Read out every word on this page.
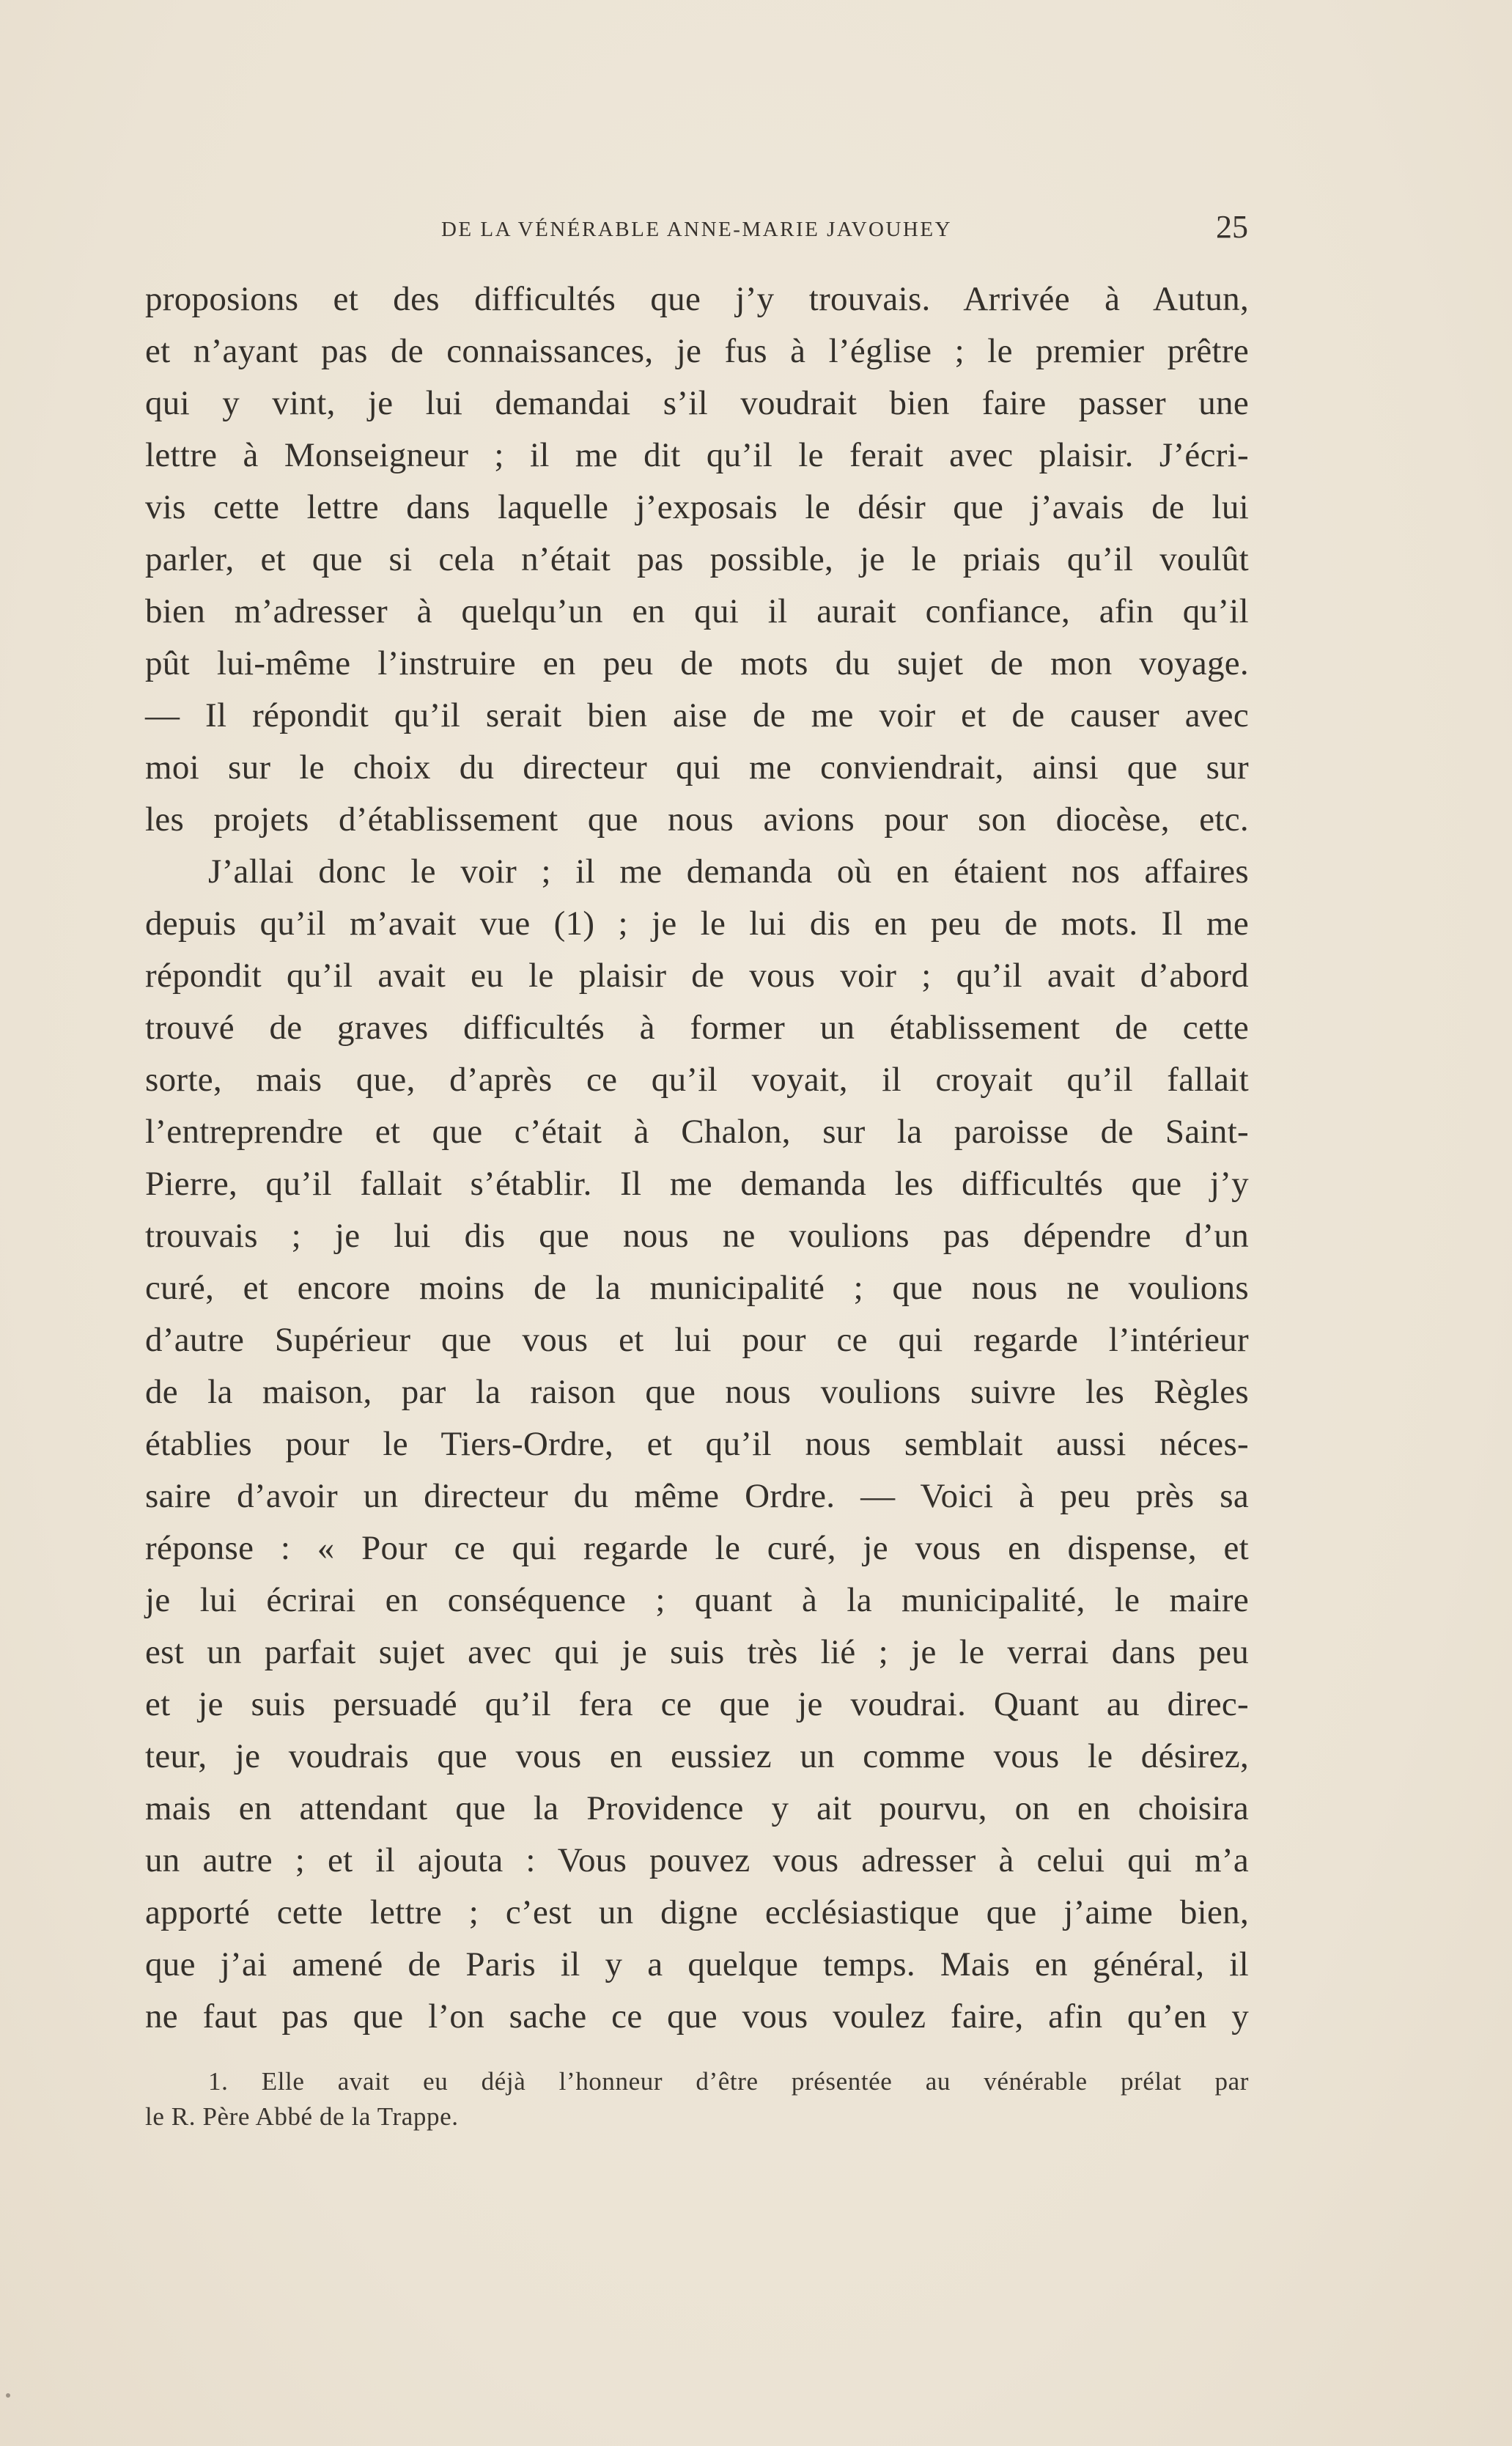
DE LA VÉNÉRABLE ANNE-MARIE JAVOUHEY	25
proposions et des difficultés que j’y trouvais. Arrivée à Autun,
et n’ayant pas de connaissances, je fus à l’église ; le premier prêtre
qui y vint, je lui demandai s’il voudrait bien faire passer une
lettre à Monseigneur ; il me dit qu’il le ferait avec plaisir. J’écri-
vis cette lettre dans laquelle j’exposais le désir que j’avais de lui
parler, et que si cela n’était pas possible, je le priais qu’il voulût
bien m’adresser à quelqu’un en qui il aurait confiance, afin qu’il
pût lui-même l’instruire en peu de mots du sujet de mon voyage.
— Il répondit qu’il serait bien aise de me voir et de causer avec
moi sur le choix du directeur qui me conviendrait, ainsi que sur
les projets d’établissement que nous avions pour son diocèse, etc.
J’allai donc le voir ; il me demanda où en étaient nos affaires
depuis qu’il m’avait vue (1) ; je le lui dis en peu de mots. Il me
répondit qu’il avait eu le plaisir de vous voir ; qu’il avait d’abord
trouvé de graves difficultés à former un établissement de cette
sorte, mais que, d’après ce qu’il voyait, il croyait qu’il fallait
l’entreprendre et que c’était à Chalon, sur la paroisse de Saint-
Pierre, qu’il fallait s’établir. Il me demanda les difficultés que j’y
trouvais ; je lui dis que nous ne voulions pas dépendre d’un
curé, et encore moins de la municipalité ; que nous ne voulions
d’autre Supérieur que vous et lui pour ce qui regarde l’intérieur
de la maison, par la raison que nous voulions suivre les Règles
établies pour le Tiers-Ordre, et qu’il nous semblait aussi néces-
saire d’avoir un directeur du même Ordre. — Voici à peu près sa
réponse : « Pour ce qui regarde le curé, je vous en dispense, et
je lui écrirai en conséquence ; quant à la municipalité, le maire
est un parfait sujet avec qui je suis très lié ; je le verrai dans peu
et je suis persuadé qu’il fera ce que je voudrai. Quant au direc-
teur, je voudrais que vous en eussiez un comme vous le désirez,
mais en attendant que la Providence y ait pourvu, on en choisira
un autre ; et il ajouta : Vous pouvez vous adresser à celui qui m’a
apporté cette lettre ; c’est un digne ecclésiastique que j’aime bien,
que j’ai amené de Paris il y a quelque temps. Mais en général, il
ne faut pas que l’on sache ce que vous voulez faire, afin qu’en y
1. Elle avait eu déjà l’honneur d’être présentée au vénérable prélat par
le R. Père Abbé de la Trappe.
